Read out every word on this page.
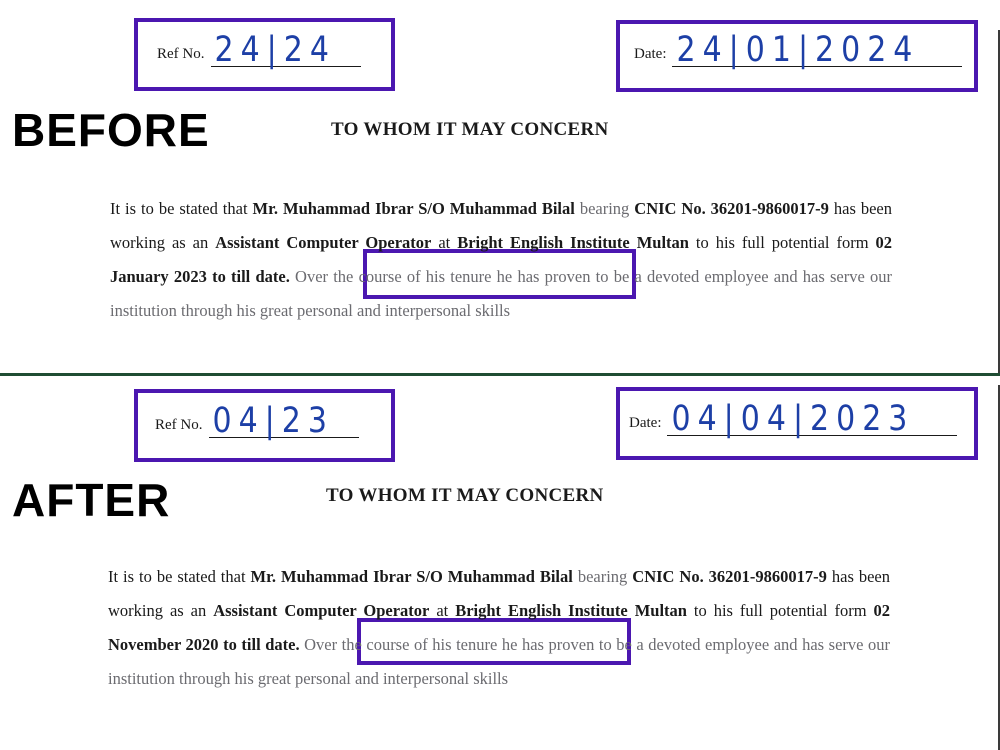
Ref No. 24|24	Date: 24|01|2024
BEFORE	TO WHOM IT MAY CONCERN
It is to be stated that Mr. Muhammad Ibrar S/O Muhammad Bilal bearing CNIC No. 36201-9860017-9 has been working as an Assistant Computer Operator at Bright English Institute Multan to his full potential form 02 January 2023 to till date. Over the course of his tenure he has proven to be a devoted employee and has serve our institution through his great personal and interpersonal skills
Ref No. 04|23	Date: 04|04|2023
AFTER	TO WHOM IT MAY CONCERN
It is to be stated that Mr. Muhammad Ibrar S/O Muhammad Bilal bearing CNIC No. 36201-9860017-9 has been working as an Assistant Computer Operator at Bright English Institute Multan to his full potential form 02 November 2020 to till date. Over the course of his tenure he has proven to be a devoted employee and has serve our institution through his great personal and interpersonal skills
